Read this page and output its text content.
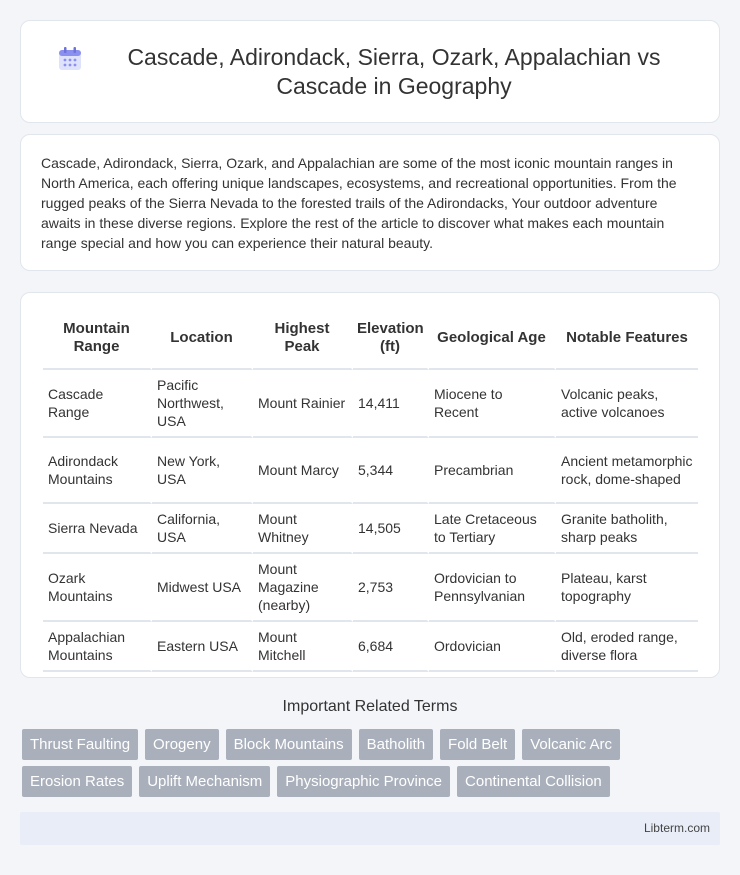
Cascade, Adirondack, Sierra, Ozark, Appalachian vs Cascade in Geography

Cascade, Adirondack, Sierra, Ozark, and Appalachian are some of the most iconic mountain ranges in North America, each offering unique landscapes, ecosystems, and recreational opportunities. From the rugged peaks of the Sierra Nevada to the forested trails of the Adirondacks, Your outdoor adventure awaits in these diverse regions. Explore the rest of the article to discover what makes each mountain range special and how you can experience their natural beauty.

Mountain Range	Location	Highest Peak	Elevation (ft)	Geological Age	Notable Features
Cascade Range	Pacific Northwest, USA	Mount Rainier	14,411	Miocene to Recent	Volcanic peaks, active volcanoes
Adirondack Mountains	New York, USA	Mount Marcy	5,344	Precambrian	Ancient metamorphic rock, dome-shaped
Sierra Nevada	California, USA	Mount Whitney	14,505	Late Cretaceous to Tertiary	Granite batholith, sharp peaks
Ozark Mountains	Midwest USA	Mount Magazine (nearby)	2,753	Ordovician to Pennsylvanian	Plateau, karst topography
Appalachian Mountains	Eastern USA	Mount Mitchell	6,684	Ordovician	Old, eroded range, diverse flora
Important Related Terms
Thrust Faulting	Orogeny	Block Mountains	Batholith	Fold Belt	Volcanic Arc
Erosion Rates	Uplift Mechanism	Physiographic Province	Continental Collision
Libterm.com
